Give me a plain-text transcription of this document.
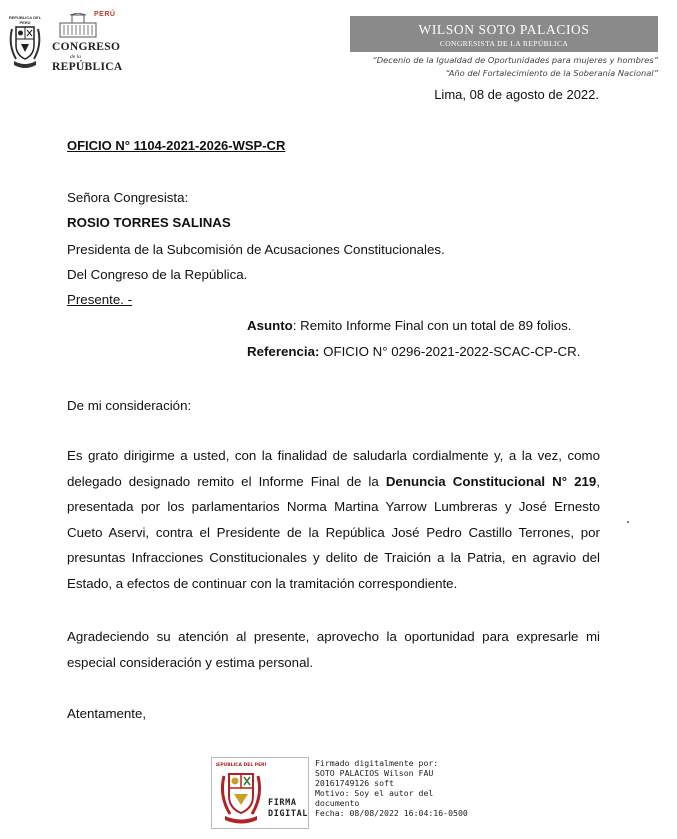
REPÚBLICA DEL PERÚ
PERÚ
CONGRESO
de la
REPÚBLICA
WILSON SOTO PALACIOS
CONGRESISTA DE LA REPÚBLICA
“Decenio de la Igualdad de Oportunidades para mujeres y hombres”
“Año del Fortalecimiento de la Soberanía Nacional”
Lima, 08 de agosto de 2022.
OFICIO N° 1104-2021-2026-WSP-CR
Señora Congresista:
ROSIO TORRES SALINAS
Presidenta de la Subcomisión de Acusaciones Constitucionales.
Del Congreso de la República.
Presente. -
Asunto: Remito Informe Final con un total de 89 folios.
Referencia: OFICIO N° 0296-2021-2022-SCAC-CP-CR.
De mi consideración:
Es grato dirigirme a usted, con la finalidad de saludarla cordialmente y, a la vez, como delegado designado remito el Informe Final de la Denuncia Constitucional N° 219, presentada por los parlamentarios Norma Martina Yarrow Lumbreras y José Ernesto Cueto Aservi, contra el Presidente de la República José Pedro Castillo Terrones, por presuntas Infracciones Constitucionales y delito de Traición a la Patria, en agravio del Estado, a efectos de continuar con la tramitación correspondiente.
Agradeciendo su atención al presente, aprovecho la oportunidad para expresarle mi especial consideración y estima personal.
Atentamente,
REPÚBLICA DEL PERÚ
FIRMA
DIGITAL
Firmado digitalmente por:
SOTO PALACIOS Wilson FAU
20161749126 soft
Motivo: Soy el autor del
documento
Fecha: 08/08/2022 16:04:16-0500
